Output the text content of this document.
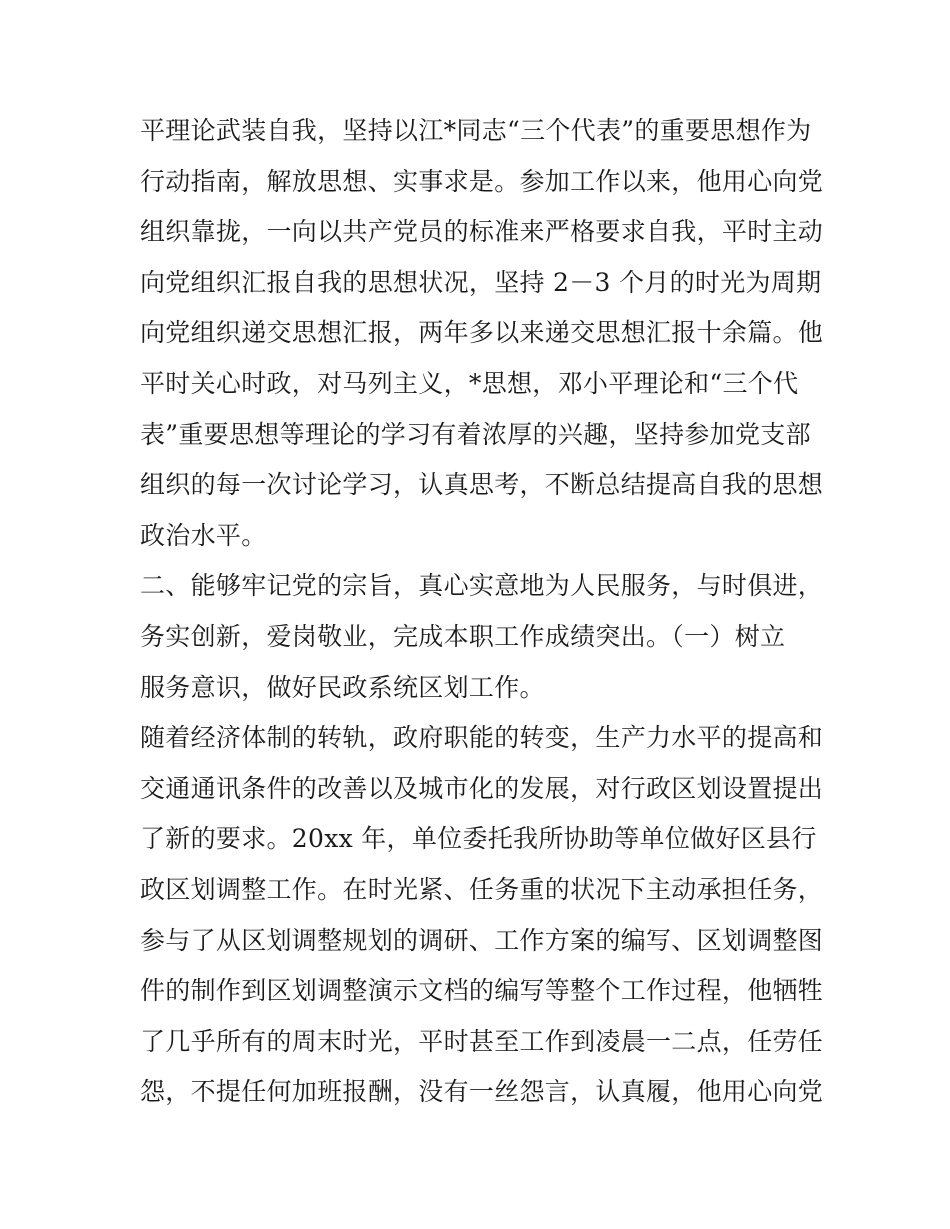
平理论武装自我，坚持以江*同志“三个代表”的重要思想作为
行动指南，解放思想、实事求是。参加工作以来，他用心向党
组织靠拢，一向以共产党员的标准来严格要求自我，平时主动
向党组织汇报自我的思想状况，坚持 2－3 个月的时光为周期
向党组织递交思想汇报，两年多以来递交思想汇报十余篇。他
平时关心时政，对马列主义，*思想，邓小平理论和“三个代
表”重要思想等理论的学习有着浓厚的兴趣，坚持参加党支部
组织的每一次讨论学习，认真思考，不断总结提高自我的思想
政治水平。
二、能够牢记党的宗旨，真心实意地为人民服务，与时俱进，
务实创新，爱岗敬业，完成本职工作成绩突出。（一）树立
服务意识，做好民政系统区划工作。
随着经济体制的转轨，政府职能的转变，生产力水平的提高和
交通通讯条件的改善以及城市化的发展，对行政区划设置提出
了新的要求。20xx 年，单位委托我所协助等单位做好区县行
政区划调整工作。在时光紧、任务重的状况下主动承担任务，
参与了从区划调整规划的调研、工作方案的编写、区划调整图
件的制作到区划调整演示文档的编写等整个工作过程，他牺牲
了几乎所有的周末时光，平时甚至工作到凌晨一二点，任劳任
怨，不提任何加班报酬，没有一丝怨言，认真履，他用心向党
